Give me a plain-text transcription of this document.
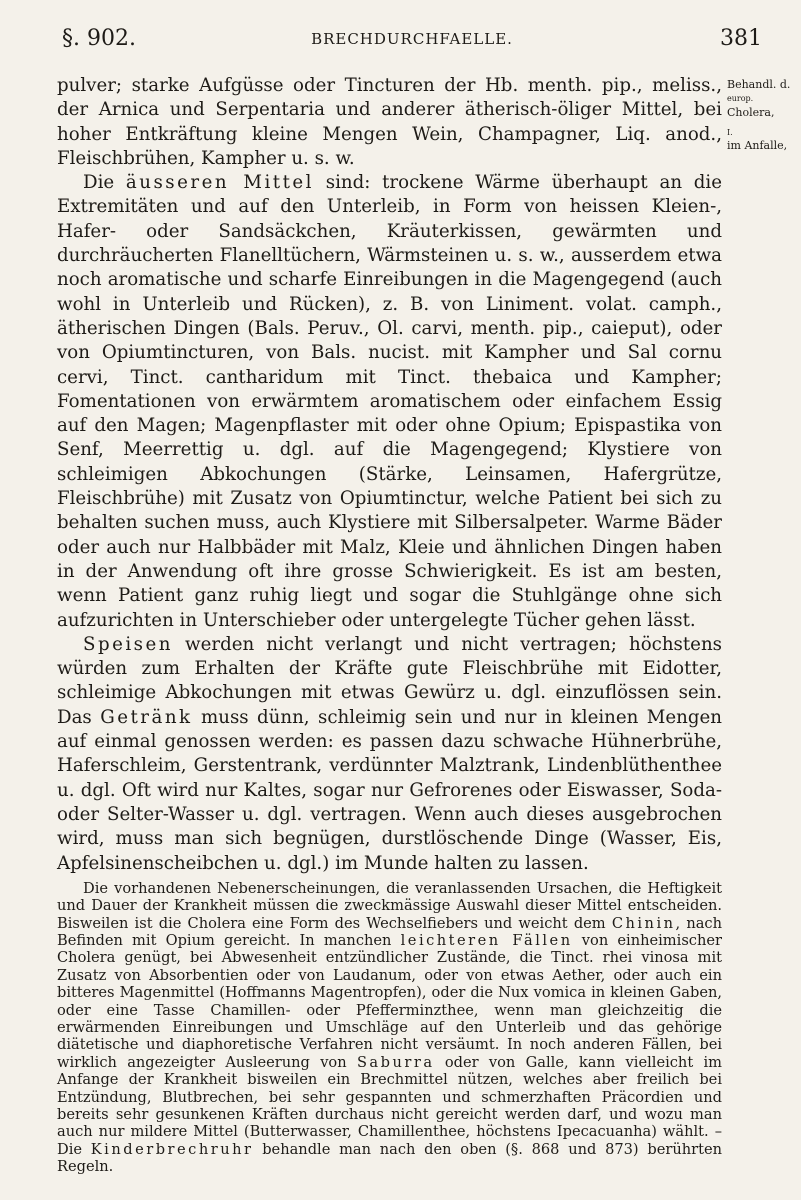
§. 902.	BRECHDURCHFAELLE.	381
Behandl. d.
europ.
Cholera,
I.
im Anfalle,

pulver; starke Aufgüsse oder Tincturen der Hb. menth. pip., meliss., der Arnica und Serpentaria und anderer ätherisch-öliger Mittel, bei hoher Entkräftung kleine Mengen Wein, Champagner, Liq. anod., Fleischbrühen, Kampher u. s. w.

Die äusseren Mittel sind: trockene Wärme überhaupt an die Extremitäten und auf den Unterleib, in Form von heissen Kleien-, Hafer- oder Sandsäckchen, Kräuterkissen, gewärmten und durchräucherten Flanelltüchern, Wärmsteinen u. s. w., ausserdem etwa noch aromatische und scharfe Einreibungen in die Magengegend (auch wohl in Unterleib und Rücken), z. B. von Liniment. volat. camph., ätherischen Dingen (Bals. Peruv., Ol. carvi, menth. pip., caieput), oder von Opiumtincturen, von Bals. nucist. mit Kampher und Sal cornu cervi, Tinct. cantharidum mit Tinct. thebaica und Kampher; Fomentationen von erwärmtem aromatischem oder einfachem Essig auf den Magen; Magenpflaster mit oder ohne Opium; Epispastika von Senf, Meerrettig u. dgl. auf die Magengegend; Klystiere von schleimigen Abkochungen (Stärke, Leinsamen, Hafergrütze, Fleischbrühe) mit Zusatz von Opiumtinctur, welche Patient bei sich zu behalten suchen muss, auch Klystiere mit Silbersalpeter. Warme Bäder oder auch nur Halbbäder mit Malz, Kleie und ähnlichen Dingen haben in der Anwendung oft ihre grosse Schwierigkeit. Es ist am besten, wenn Patient ganz ruhig liegt und sogar die Stuhlgänge ohne sich aufzurichten in Unterschieber oder untergelegte Tücher gehen lässt.

Speisen werden nicht verlangt und nicht vertragen; höchstens würden zum Erhalten der Kräfte gute Fleischbrühe mit Eidotter, schleimige Abkochungen mit etwas Gewürz u. dgl. einzuflössen sein. Das Getränk muss dünn, schleimig sein und nur in kleinen Mengen auf einmal genossen werden: es passen dazu schwache Hühnerbrühe, Haferschleim, Gerstentrank, verdünnter Malztrank, Lindenblüthenthee u. dgl. Oft wird nur Kaltes, sogar nur Gefrorenes oder Eiswasser, Soda- oder Selter-Wasser u. dgl. vertragen. Wenn auch dieses ausgebrochen wird, muss man sich begnügen, durstlöschende Dinge (Wasser, Eis, Apfelsinenscheibchen u. dgl.) im Munde halten zu lassen.

Die vorhandenen Nebenerscheinungen, die veranlassenden Ursachen, die Heftigkeit und Dauer der Krankheit müssen die zweckmässige Auswahl dieser Mittel entscheiden. Bisweilen ist die Cholera eine Form des Wechselfiebers und weicht dem Chinin, nach Befinden mit Opium gereicht. In manchen leichteren Fällen von einheimischer Cholera genügt, bei Abwesenheit entzündlicher Zustände, die Tinct. rhei vinosa mit Zusatz von Absorbentien oder von Laudanum, oder von etwas Aether, oder auch ein bitteres Magenmittel (Hoffmanns Magentropfen), oder die Nux vomica in kleinen Gaben, oder eine Tasse Chamillen- oder Pfefferminzthee, wenn man gleichzeitig die erwärmenden Einreibungen und Umschläge auf den Unterleib und das gehörige diätetische und diaphoretische Verfahren nicht versäumt. In noch anderen Fällen, bei wirklich angezeigter Ausleerung von Saburra oder von Galle, kann vielleicht im Anfange der Krankheit bisweilen ein Brechmittel nützen, welches aber freilich bei Entzündung, Blutbrechen, bei sehr gespannten und schmerzhaften Präcordien und bereits sehr gesunkenen Kräften durchaus nicht gereicht werden darf, und wozu man auch nur mildere Mittel (Butterwasser, Chamillenthee, höchstens Ipecacuanha) wählt. – Die Kinderbrechruhr behandle man nach den oben (§. 868 und 873) berührten Regeln.
